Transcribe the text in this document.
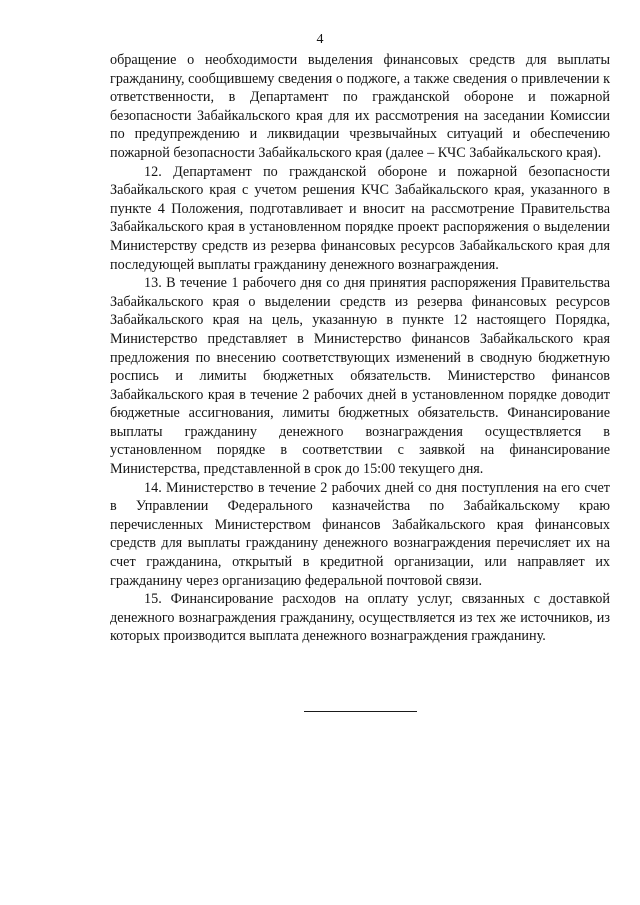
4

обращение о необходимости выделения финансовых средств для выплаты гражданину, сообщившему сведения о поджоге, а также сведения о привлечении к ответственности, в Департамент по гражданской обороне и пожарной безопасности Забайкальского края для их рассмотрения на заседании Комиссии по предупреждению и ликвидации чрезвычайных ситуаций и обеспечению пожарной безопасности Забайкальского края (далее – КЧС Забайкальского края).

12. Департамент по гражданской обороне и пожарной безопасности Забайкальского края с учетом решения КЧС Забайкальского края, указанного в пункте 4 Положения, подготавливает и вносит на рассмотрение Правительства Забайкальского края в установленном порядке проект распоряжения о выделении Министерству средств из резерва финансовых ресурсов Забайкальского края для последующей выплаты гражданину денежного вознаграждения.

13. В течение 1 рабочего дня со дня принятия распоряжения Правительства Забайкальского края о выделении средств из резерва финансовых ресурсов Забайкальского края на цель, указанную в пункте 12 настоящего Порядка, Министерство представляет в Министерство финансов Забайкальского края предложения по внесению соответствующих изменений в сводную бюджетную роспись и лимиты бюджетных обязательств. Министерство финансов Забайкальского края в течение 2 рабочих дней в установленном порядке доводит бюджетные ассигнования, лимиты бюджетных обязательств. Финансирование выплаты гражданину денежного вознаграждения осуществляется в установленном порядке в соответствии с заявкой на финансирование Министерства, представленной в срок до 15:00 текущего дня.

14. Министерство в течение 2 рабочих дней со дня поступления на его счет в Управлении Федерального казначейства по Забайкальскому краю перечисленных Министерством финансов Забайкальского края финансовых средств для выплаты гражданину денежного вознаграждения перечисляет их на счет гражданина, открытый в кредитной организации, или направляет их гражданину через организацию федеральной почтовой связи.

15. Финансирование расходов на оплату услуг, связанных с доставкой денежного вознаграждения гражданину, осуществляется из тех же источников, из которых производится выплата денежного вознаграждения гражданину.
